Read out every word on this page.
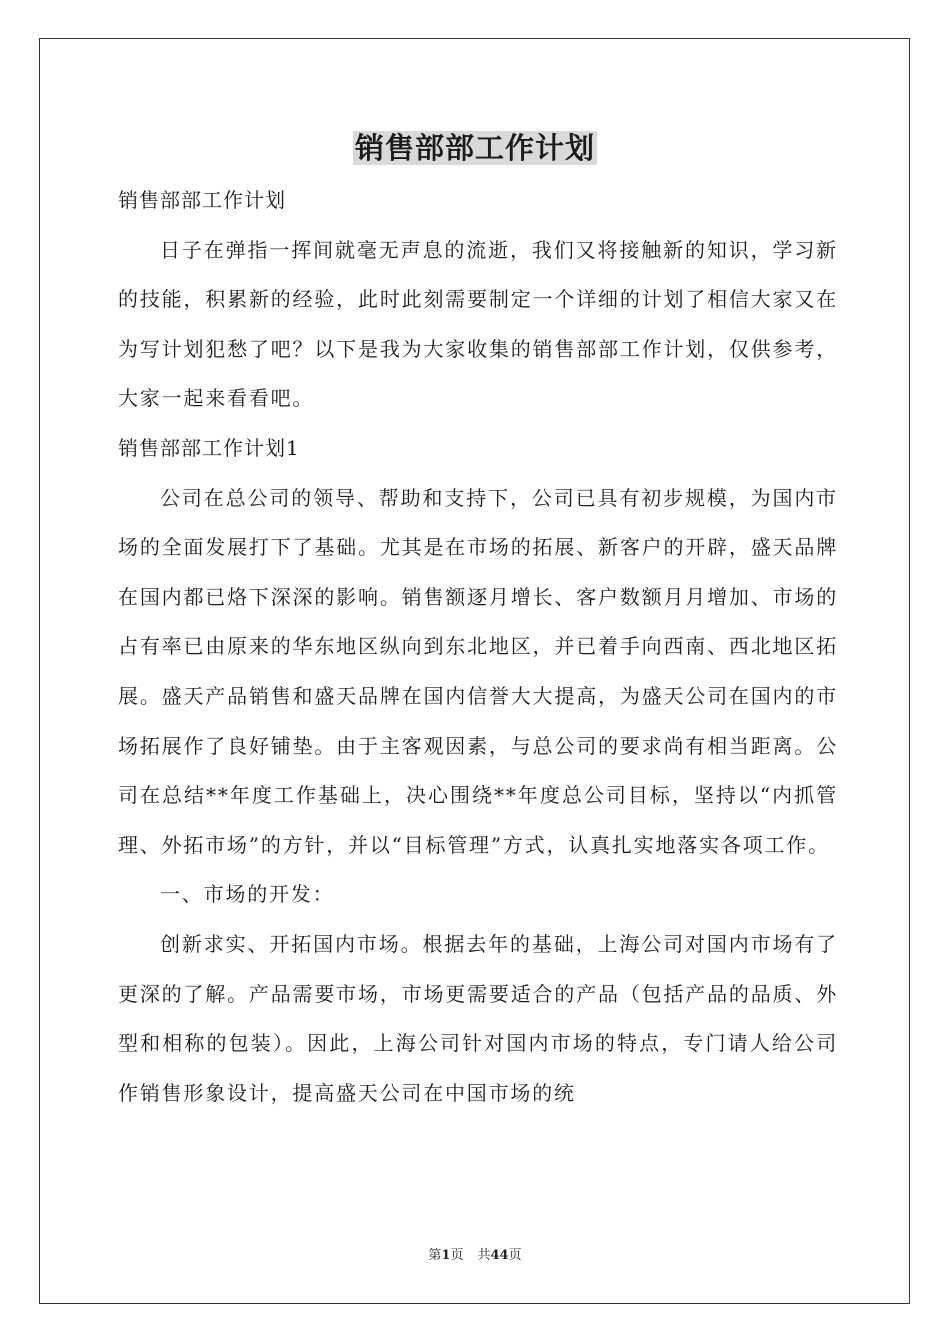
销售部部工作计划

销售部部工作计划

日子在弹指一挥间就毫无声息的流逝，我们又将接触新的知识，学习新的技能，积累新的经验，此时此刻需要制定一个详细的计划了相信大家又在为写计划犯愁了吧？以下是我为大家收集的销售部部工作计划，仅供参考，大家一起来看看吧。

销售部部工作计划1

公司在总公司的领导、帮助和支持下，公司已具有初步规模，为国内市场的全面发展打下了基础。尤其是在市场的拓展、新客户的开辟，盛天品牌在国内都已烙下深深的影响。销售额逐月增长、客户数额月月增加、市场的占有率已由原来的华东地区纵向到东北地区，并已着手向西南、西北地区拓展。盛天产品销售和盛天品牌在国内信誉大大提高，为盛天公司在国内的市场拓展作了良好铺垫。由于主客观因素，与总公司的要求尚有相当距离。公司在总结**年度工作基础上，决心围绕**年度总公司目标，坚持以“内抓管理、外拓市场”的方针，并以“目标管理”方式，认真扎实地落实各项工作。

一、市场的开发：

创新求实、开拓国内市场。根据去年的基础，上海公司对国内市场有了更深的了解。产品需要市场，市场更需要适合的产品（包括产品的品质、外型和相称的包装）。因此，上海公司针对国内市场的特点，专门请人给公司作销售形象设计，提高盛天公司在中国市场的统

第1页 共44页
